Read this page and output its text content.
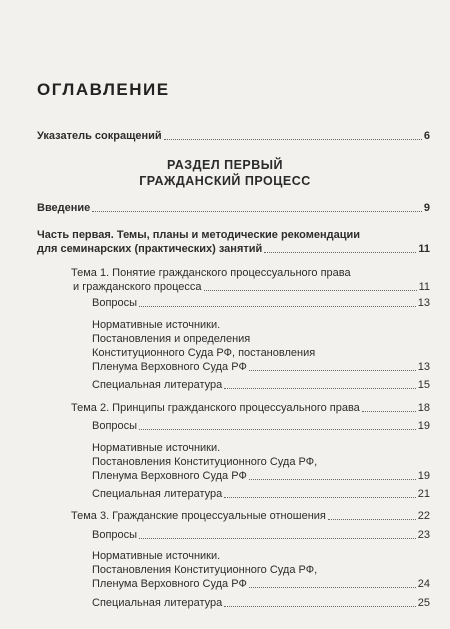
ОГЛАВЛЕНИЕ
Указатель сокращений	6
РАЗДЕЛ ПЕРВЫЙ
ГРАЖДАНСКИЙ ПРОЦЕСС
Введение	9
Часть первая. Темы, планы и методические рекомендации
для семинарских (практических) занятий	11
Тема 1. Понятие гражданского процессуального права
и гражданского процесса	11
Вопросы	13
Нормативные источники.
Постановления и определения
Конституционного Суда РФ, постановления
Пленума Верховного Суда РФ	13
Специальная литература	15
Тема 2. Принципы гражданского процессуального права	18
Вопросы	19
Нормативные источники.
Постановления Конституционного Суда РФ,
Пленума Верховного Суда РФ	19
Специальная литература	21
Тема 3. Гражданские процессуальные отношения	22
Вопросы	23
Нормативные источники.
Постановления Конституционного Суда РФ,
Пленума Верховного Суда РФ	24
Специальная литература	25
